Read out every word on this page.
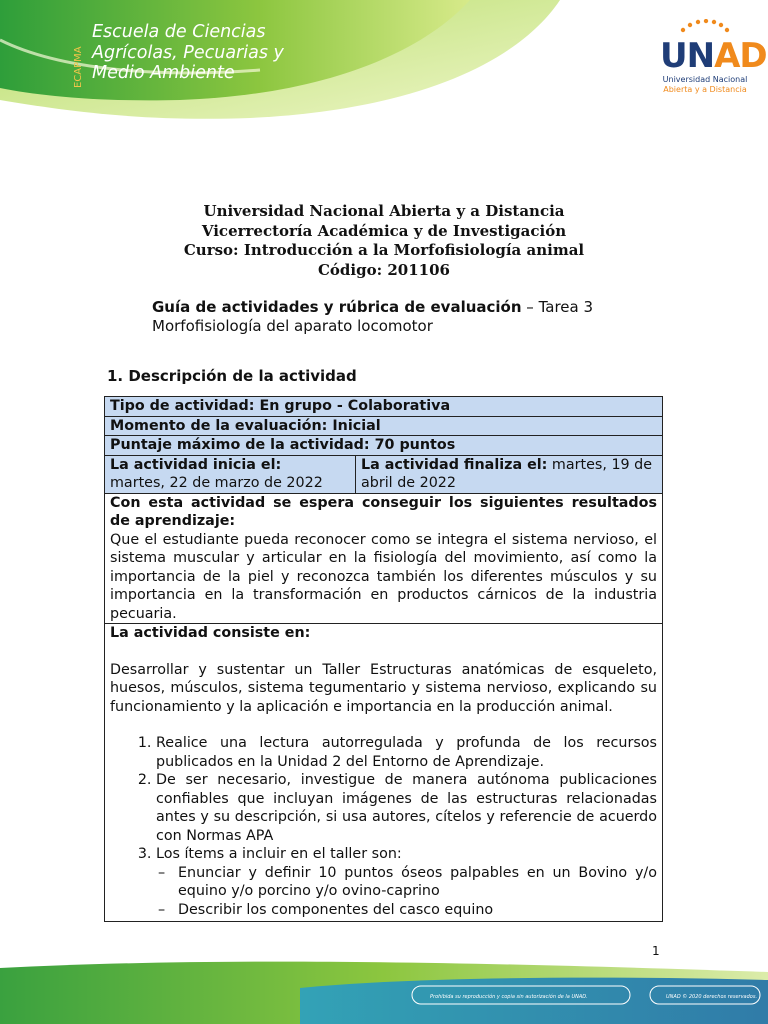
ECAPMA
Escuela de Ciencias
Agrícolas, Pecuarias y
Medio Ambiente	UNAD
Universidad Nacional
Abierta y a Distancia
Universidad Nacional Abierta y a Distancia
Vicerrectoría Académica y de Investigación
Curso: Introducción a la Morfofisiología animal
Código: 201106
Guía de actividades y rúbrica de evaluación – Tarea 3
Morfofisiología del aparato locomotor
1. Descripción de la actividad
Tipo de actividad: En grupo - Colaborativa
Momento de la evaluación: Inicial
Puntaje máximo de la actividad: 70 puntos
La actividad inicia el:
martes, 22 de marzo de 2022	La actividad finaliza el: martes, 19 de abril de 2022
Con esta actividad se espera conseguir los siguientes resultados de aprendizaje:
Que el estudiante pueda reconocer como se integra el sistema nervioso, el sistema muscular y articular en la fisiología del movimiento, así como la importancia de la piel y reconozca también los diferentes músculos y su importancia en la transformación en productos cárnicos de la industria pecuaria.

La actividad consiste en:
Desarrollar y sustentar un Taller Estructuras anatómicas de esqueleto, huesos, músculos, sistema tegumentario y sistema nervioso, explicando su funcionamiento y la aplicación e importancia en la producción animal.
1. Realice una lectura autorregulada y profunda de los recursos publicados en la Unidad 2 del Entorno de Aprendizaje.
2. De ser necesario, investigue de manera autónoma publicaciones confiables que incluyan imágenes de las estructuras relacionadas antes y su descripción, si usa autores, cítelos y referencie de acuerdo con Normas APA
3. Los ítems a incluir en el taller son:
– Enunciar y definir 10 puntos óseos palpables en un Bovino y/o equino y/o porcino y/o ovino-caprino
– Describir los componentes del casco equino
1
Prohibida su reproducción y copia sin autorización de la UNAD.	UNAD © 2020 derechos reservados.
